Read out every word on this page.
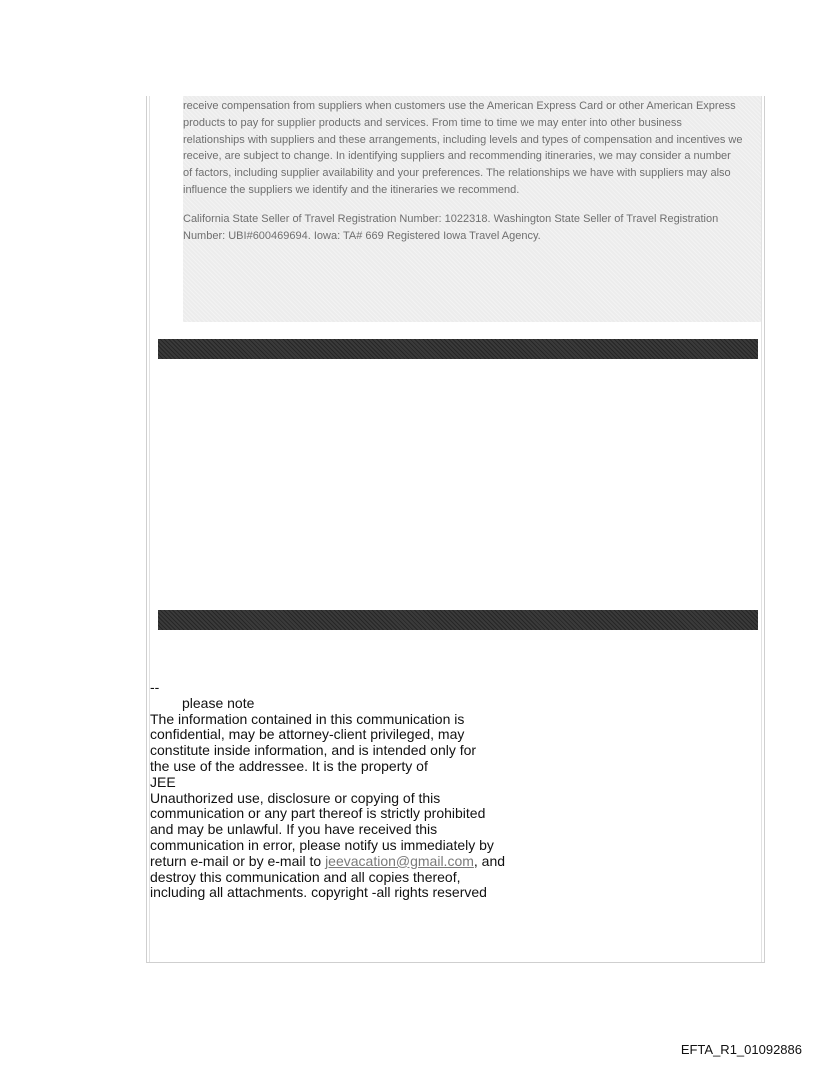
receive compensation from suppliers when customers use the American Express Card or other American Express products to pay for supplier products and services. From time to time we may enter into other business relationships with suppliers and these arrangements, including levels and types of compensation and incentives we receive, are subject to change. In identifying suppliers and recommending itineraries, we may consider a number of factors, including supplier availability and your preferences. The relationships we have with suppliers may also influence the suppliers we identify and the itineraries we recommend.

California State Seller of Travel Registration Number: 1022318. Washington State Seller of Travel Registration Number: UBI#600469694. Iowa: TA# 669 Registered Iowa Travel Agency.

--
please note
The information contained in this communication is
confidential, may be attorney-client privileged, may
constitute inside information, and is intended only for
the use of the addressee. It is the property of
JEE
Unauthorized use, disclosure or copying of this
communication or any part thereof is strictly prohibited
and may be unlawful. If you have received this
communication in error, please notify us immediately by
return e-mail or by e-mail to jeevacation@gmail.com, and
destroy this communication and all copies thereof,
including all attachments. copyright -all rights reserved
EFTA_R1_01092886
